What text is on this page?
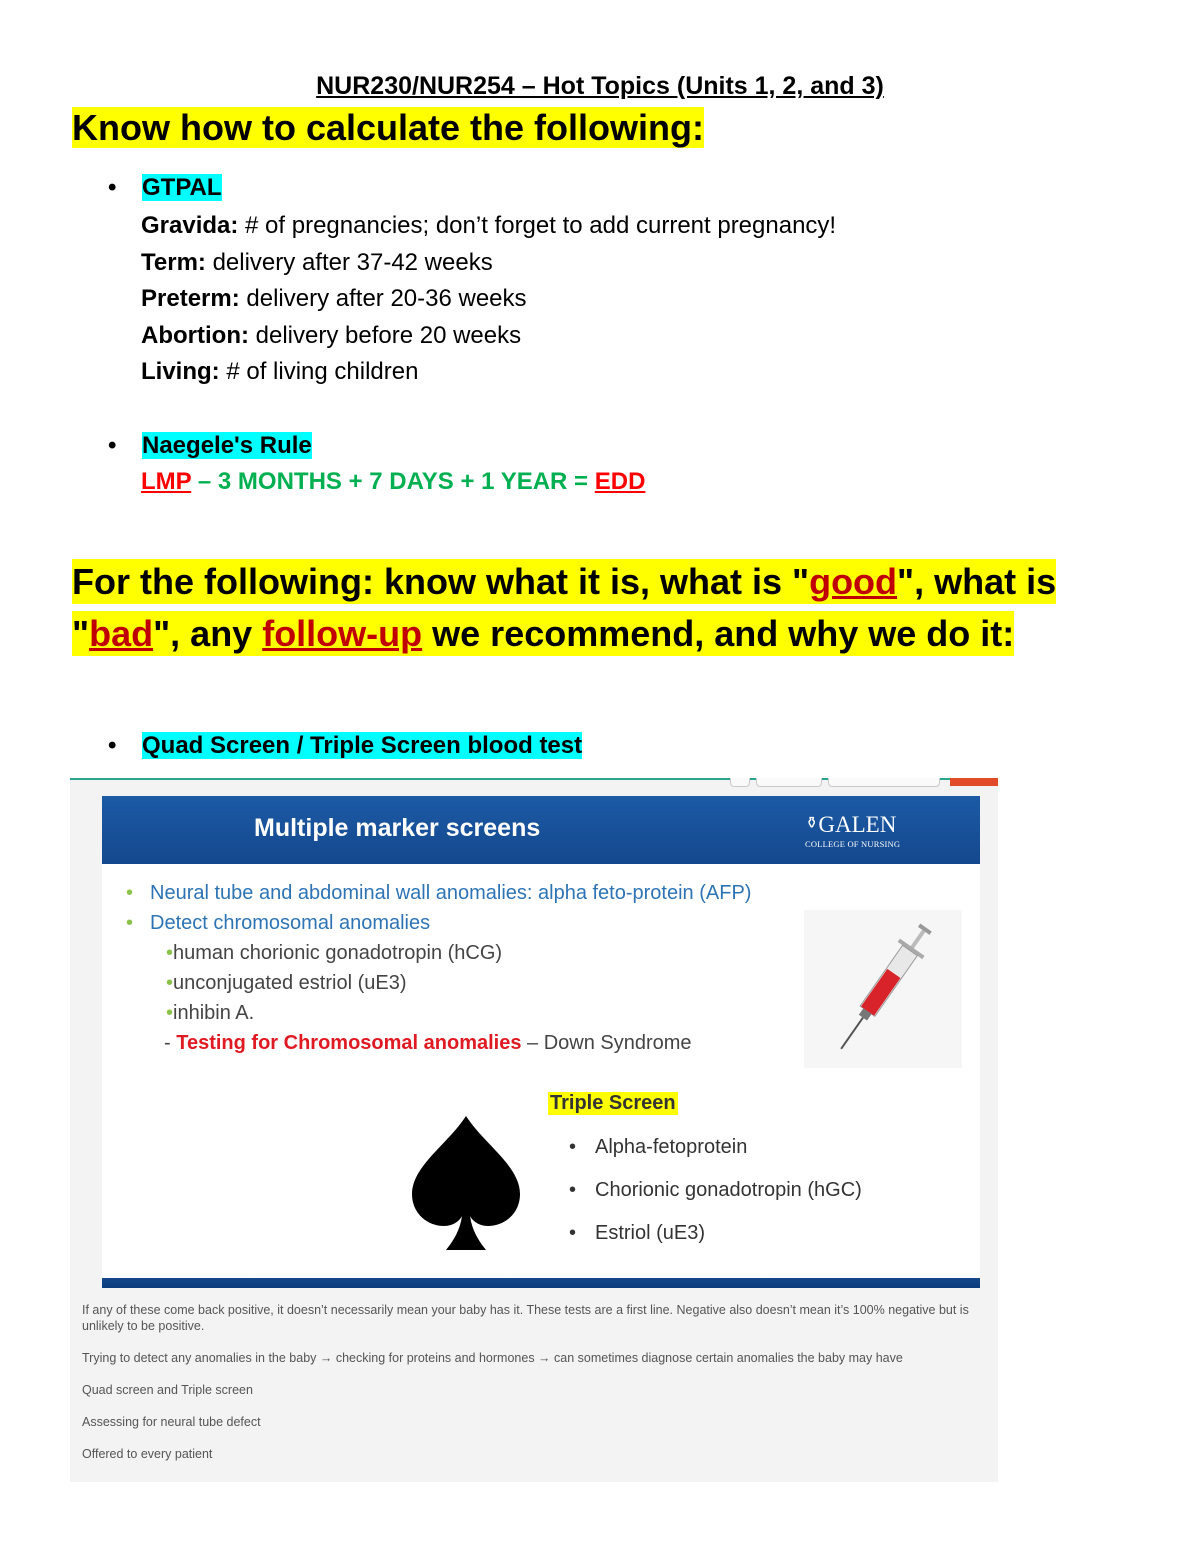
NUR230/NUR254 – Hot Topics (Units 1, 2, and 3)
Know how to calculate the following:
• GTPAL
Gravida: # of pregnancies; don’t forget to add current pregnancy!
Term: delivery after 37-42 weeks
Preterm: delivery after 20-36 weeks
Abortion: delivery before 20 weeks
Living: # of living children
• Naegele's Rule
LMP – 3 MONTHS + 7 DAYS + 1 YEAR = EDD
For the following: know what it is, what is "good", what is "bad", any follow-up we recommend, and why we do it:
• Quad Screen / Triple Screen blood test
Multiple marker screens	⚱GALEN
COLLEGE OF NURSING
• Neural tube and abdominal wall anomalies: alpha feto-protein (AFP)
• Detect chromosomal anomalies
•human chorionic gonadotropin (hCG)
•unconjugated estriol (uE3)
•inhibin A.
- Testing for Chromosomal anomalies – Down Syndrome
Triple Screen
• Alpha-fetoprotein
• Chorionic gonadotropin (hGC)
• Estriol (uE3)
If any of these come back positive, it doesn’t necessarily mean your baby has it. These tests are a first line. Negative also doesn’t mean it’s 100% negative but is unlikely to be positive.
Trying to detect any anomalies in the baby → checking for proteins and hormones → can sometimes diagnose certain anomalies the baby may have
Quad screen and Triple screen
Assessing for neural tube defect
Offered to every patient
